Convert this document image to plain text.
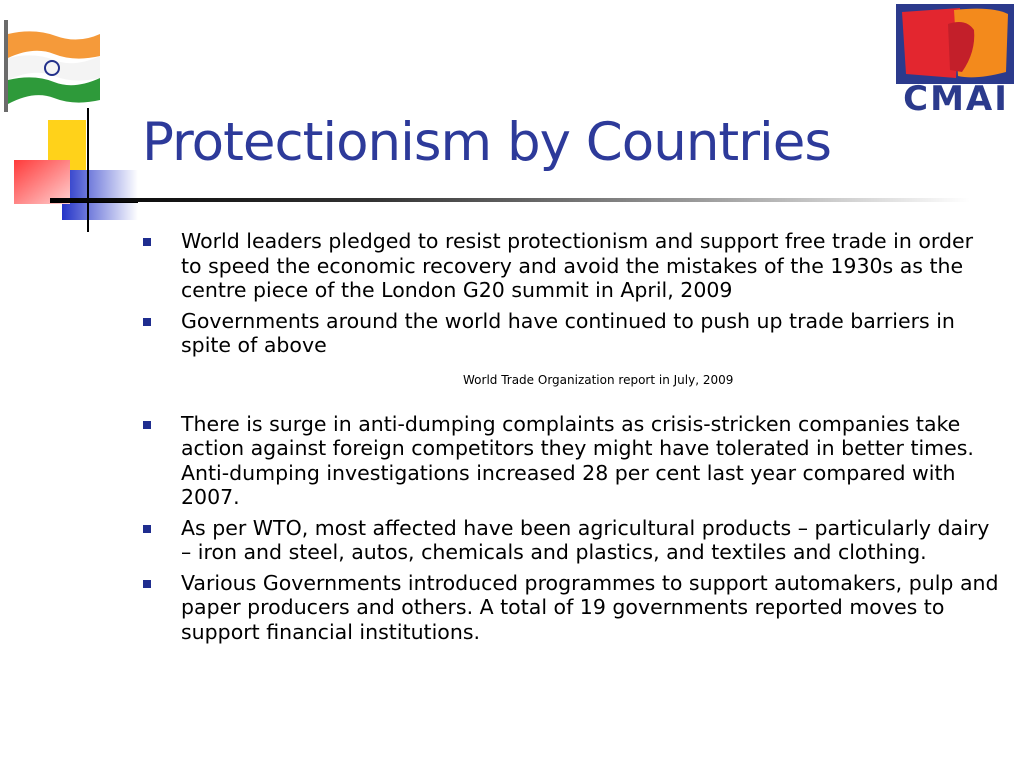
CMAI
Protectionism by Countries
World leaders pledged to resist protectionism and support free trade in order to speed the economic recovery and avoid the mistakes of the 1930s as the centre piece of the London G20 summit in April, 2009
Governments around the world have continued to push up trade barriers in spite of above
There is surge in anti-dumping complaints as crisis-stricken companies take action against foreign competitors they might have tolerated in better times. Anti-dumping investigations increased 28 per cent last year compared with 2007.
As per WTO, most affected have been agricultural products – particularly dairy – iron and steel, autos, chemicals and plastics, and textiles and clothing.
Various Governments introduced programmes to support automakers, pulp and paper producers and others. A total of 19 governments reported moves to support financial institutions.
World Trade Organization report in July, 2009
